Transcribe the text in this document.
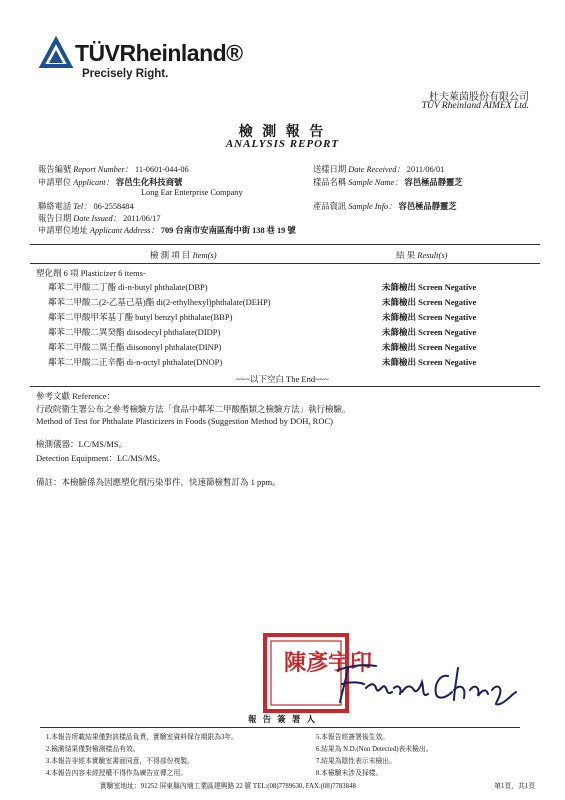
TÜVRheinland®
Precisely Right.
杜夫萊茵股份有限公司
TÜV Rheinland AIMEX Ltd.
檢 測 報 告
ANALYSIS REPORT
報告編號 Report Number： 11-0601-044-06
申請單位 Applicant： 容邑生化科技商號
Long Ear Enterprise Company
聯絡電話 Tel： 06-2558484
報告日期 Date Issued： 2011/06/17
申請單位地址 Applicant Address： 709 台南市安南區海中街 138 巷 19 號
送樣日期 Date Received： 2011/06/01
樣品名稱 Sample Name： 容邑極品靜靈芝
產品資訊 Sample Info： 容邑極品靜靈芝
檢 測 項 目 Item(s)	結 果 Result(s)
塑化劑 6 項 Plasticizer 6 items-
鄰苯二甲酸二丁酯 di-n-butyl phthalate(DBP)	未篩檢出 Screen Negative
鄰苯二甲酸二(2-乙基己基)酯 di(2-ethylhexyl)phthalate(DEHP)	未篩檢出 Screen Negative
鄰苯二甲酸甲苯基丁酯 butyl benzyl phthalate(BBP)	未篩檢出 Screen Negative
鄰苯二甲酸二異癸酯 diisodecyl phthalate(DIDP)	未篩檢出 Screen Negative
鄰苯二甲酸二異壬酯 diisononyl phthalate(DINP)	未篩檢出 Screen Negative
鄰苯二甲酸二正辛酯 di-n-octyl phthalate(DNOP)	未篩檢出 Screen Negative
~~~以下空白 The End~~~
參考文獻 Reference：
行政院衛生署公布之參考檢驗方法「食品中鄰苯二甲酸酯類之檢驗方法」執行檢驗。
Method of Test for Phthalate Plasticizers in Foods (Suggestion Method by DOH, ROC)
檢測儀器：LC/MS/MS。
Detection Equipment：LC/MS/MS。
備註：本檢驗係為因應塑化劑污染事件，快速篩檢暫訂為 1 ppm。
陳彥宇印
報 告 簽 署 人
1.本報告所載結果僅對該樣品負責，實驗室資料保存期限為3年。
2.檢測結果僅對檢測樣品有效。
3.本報告非經本實驗室書面同意，不得部份複製。
4.本報告內容未經授權不得作為廣告宣傳之用。
5.本報告經簽署後生效。
6.結果為 N.D.(Non Detected)表未檢出。
7.結果為陰性表示未檢出。
8.本檢驗未涉及採樣。
實驗室地址：91252 屏東縣內埔工業區建興路 22 號 TEL:(08)7789630, FAX:(08)7783848	第1頁，共1頁
